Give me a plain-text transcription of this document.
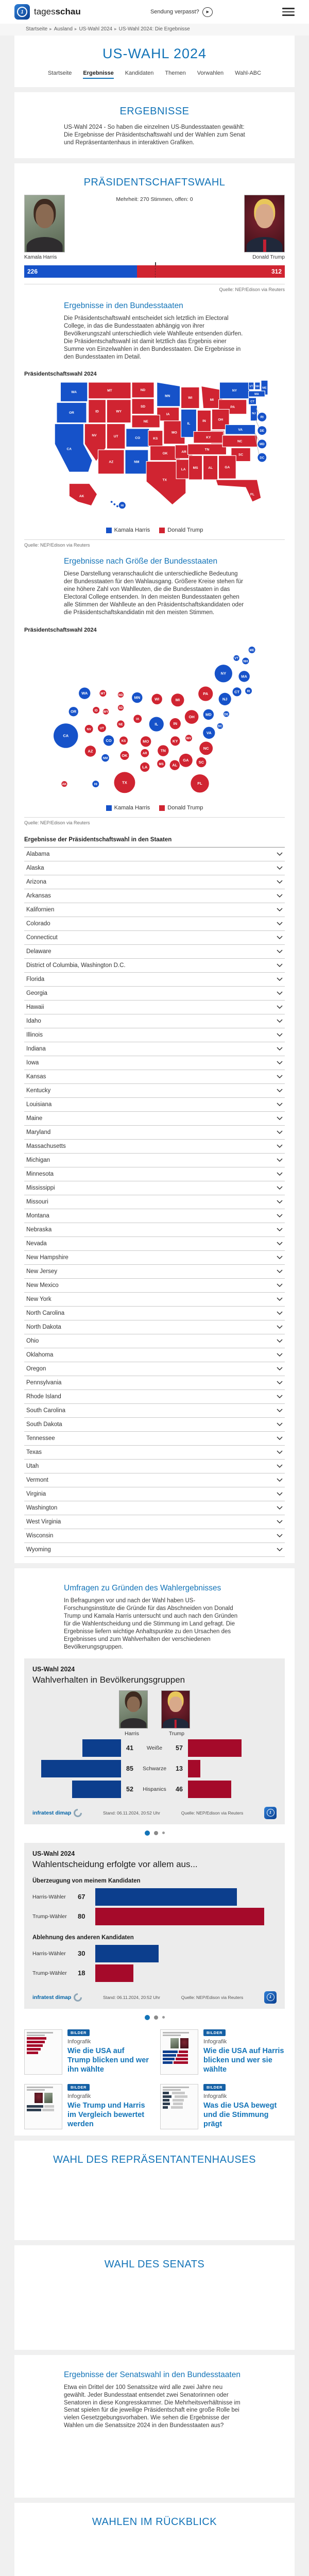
1	tagesschau	Sendung verpasst?	▶
Startseite ▸ Ausland ▸ US-Wahl 2024 ▸ US-Wahl 2024: Die Ergebnisse
US-WAHL 2024
Startseite Ergebnisse Kandidaten Themen Vorwahlen Wahl-ABC
ERGEBNISSE

US-Wahl 2024 - So haben die einzelnen US-Bundesstaaten gewählt: Die Ergebnisse der Präsidentschaftswahl und der Wahlen zum Senat und Repräsentantenhaus in interaktiven Grafiken.

PRÄSIDENTSCHAFTSWAHL
Kamala Harris
Mehrheit: 270 Stimmen, offen: 0
Donald Trump
226	312
Quelle: NEP/Edison via Reuters
Ergebnisse in den Bundesstaaten

Die Präsidentschaftswahl entscheidet sich letztlich im Electoral College, in das die Bundesstaaten abhängig von ihrer Bevölkerungszahl unterschiedlich viele Wahlleute entsenden dürfen. Die Präsidentschaftswahl ist damit letztlich das Ergebnis einer Summe von Einzelwahlen in den Bundesstaaten. Die Ergebnisse in den Bundesstaaten im Detail.

Präsidentschaftswahl 2024
WA	MT	ND
MN
WI
MI
NY
VT NH
ME
MA
CT
OR	ID	WY
SD
IA
NE
PA
NJ
NV	UT	CO	KS
MO
IL
IN	OH
VA
CA
AZ	NM
OK	AR
KY
TN
NC
SC
TX
LA MS	AL	GA
FL
AK
HI
RI
DE
MD
DC
Kamala Harris	Donald Trump
Quelle: NEP/Edison via Reuters
Ergebnisse nach Größe der Bundesstaaten

Diese Darstellung veranschaulicht die unterschiedliche Bedeutung der Bundesstaaten für den Wahlausgang. Größere Kreise stehen für eine höhere Zahl von Wahlleuten, die die Bundesstaaten in das Electoral College entsenden. In den meisten Bundesstaaten gehen alle Stimmen der Wahlleute an den Präsidentschaftskandidaten oder die Präsidentschaftskandidatin mit den meisten Stimmen.

Präsidentschaftswahl 2024
ME
VT
NH
NY
MA
WA	MT	ND
MN	WI	MI
PA
NJ
CT RI
OR	ID WY
SD
IA
OH
MD	DE
NV	UT
NE	IL	IN
VA
CA
CO	KS	MO	KY
WV
DC
AZ
NM
OK	AR
TN
NC
SC
GA
AL
MS
LA
TX	FL
AK	HI
Kamala Harris	Donald Trump
Quelle: NEP/Edison via Reuters
Ergebnisse der Präsidentschaftswahl in den Staaten
Alabama
Alaska
Arizona
Arkansas
Kalifornien
Colorado
Connecticut
Delaware
District of Columbia, Washington D.C.
Florida
Georgia
Hawaii
Idaho
Illinois
Indiana
Iowa
Kansas
Kentucky
Louisiana
Maine
Maryland
Massachusetts
Michigan
Minnesota
Mississippi
Missouri
Montana
Nebraska
Nevada
New Hampshire
New Jersey
New Mexico
New York
North Carolina
North Dakota
Ohio
Oklahoma
Oregon
Pennsylvania
Rhode Island
South Carolina
South Dakota
Tennessee
Texas
Utah
Vermont
Virginia
Washington
West Virginia
Wisconsin
Wyoming
Umfragen zu Gründen des Wahlergebnisses

In Befragungen vor und nach der Wahl haben US-Forschungsinstitute die Gründe für das Abschneiden von Donald Trump und Kamala Harris untersucht und auch nach den Gründen für die Wahlentscheidung und die Stimmung im Land gefragt. Die Ergebnisse liefern wichtige Anhaltspunkte zu den Ursachen des Ergebnisses und zum Wahlverhalten der verschiedenen Bevölkerungsgruppen.

US-Wahl 2024
Wahlverhalten in Bevölkerungsgruppen
Harris	Trump
41	Weiße	57
85	Schwarze	13
52	Hispanics	46
infratest dimap	Stand: 06.11.2024, 20:52 Uhr	Quelle: NEP/Edison via Reuters	1
US-Wahl 2024
Wahlentscheidung erfolgte vor allem aus...
Überzeugung von meinem Kandidaten
Harris-Wähler	67
Trump-Wähler	80
Ablehnung des anderen Kandidaten
Harris-Wähler	30
Trump-Wähler	18
infratest dimap	Stand: 06.11.2024, 20:52 Uhr	Quelle: NEP/Edison via Reuters	1
BILDER
Infografik
Wie die USA auf Trump blicken und wer ihn wählte
BILDER
Infografik
Wie die USA auf Harris blicken und wer sie wählte
BILDER
Infografik
Wie Trump und Harris im Vergleich bewertet werden
BILDER
Infografik
Was die USA bewegt und die Stimmung prägt
WAHL DES REPRÄSENTANTENHAUSES
WAHL DES SENATS
Ergebnisse der Senatswahl in den Bundesstaaten

Etwa ein Drittel der 100 Senatssitze wird alle zwei Jahre neu gewählt. Jeder Bundesstaat entsendet zwei Senatorinnen oder Senatoren in diese Kongresskammer. Die Mehrheitsverhältnisse im Senat spielen für die jeweilige Präsidentschaft eine große Rolle bei vielen Gesetzgebungsvorhaben. Wie sehen die Ergebnisse der Wahlen um die Senatssitze 2024 in den Bundesstaaten aus?

WAHLEN IM RÜCKBLICK
